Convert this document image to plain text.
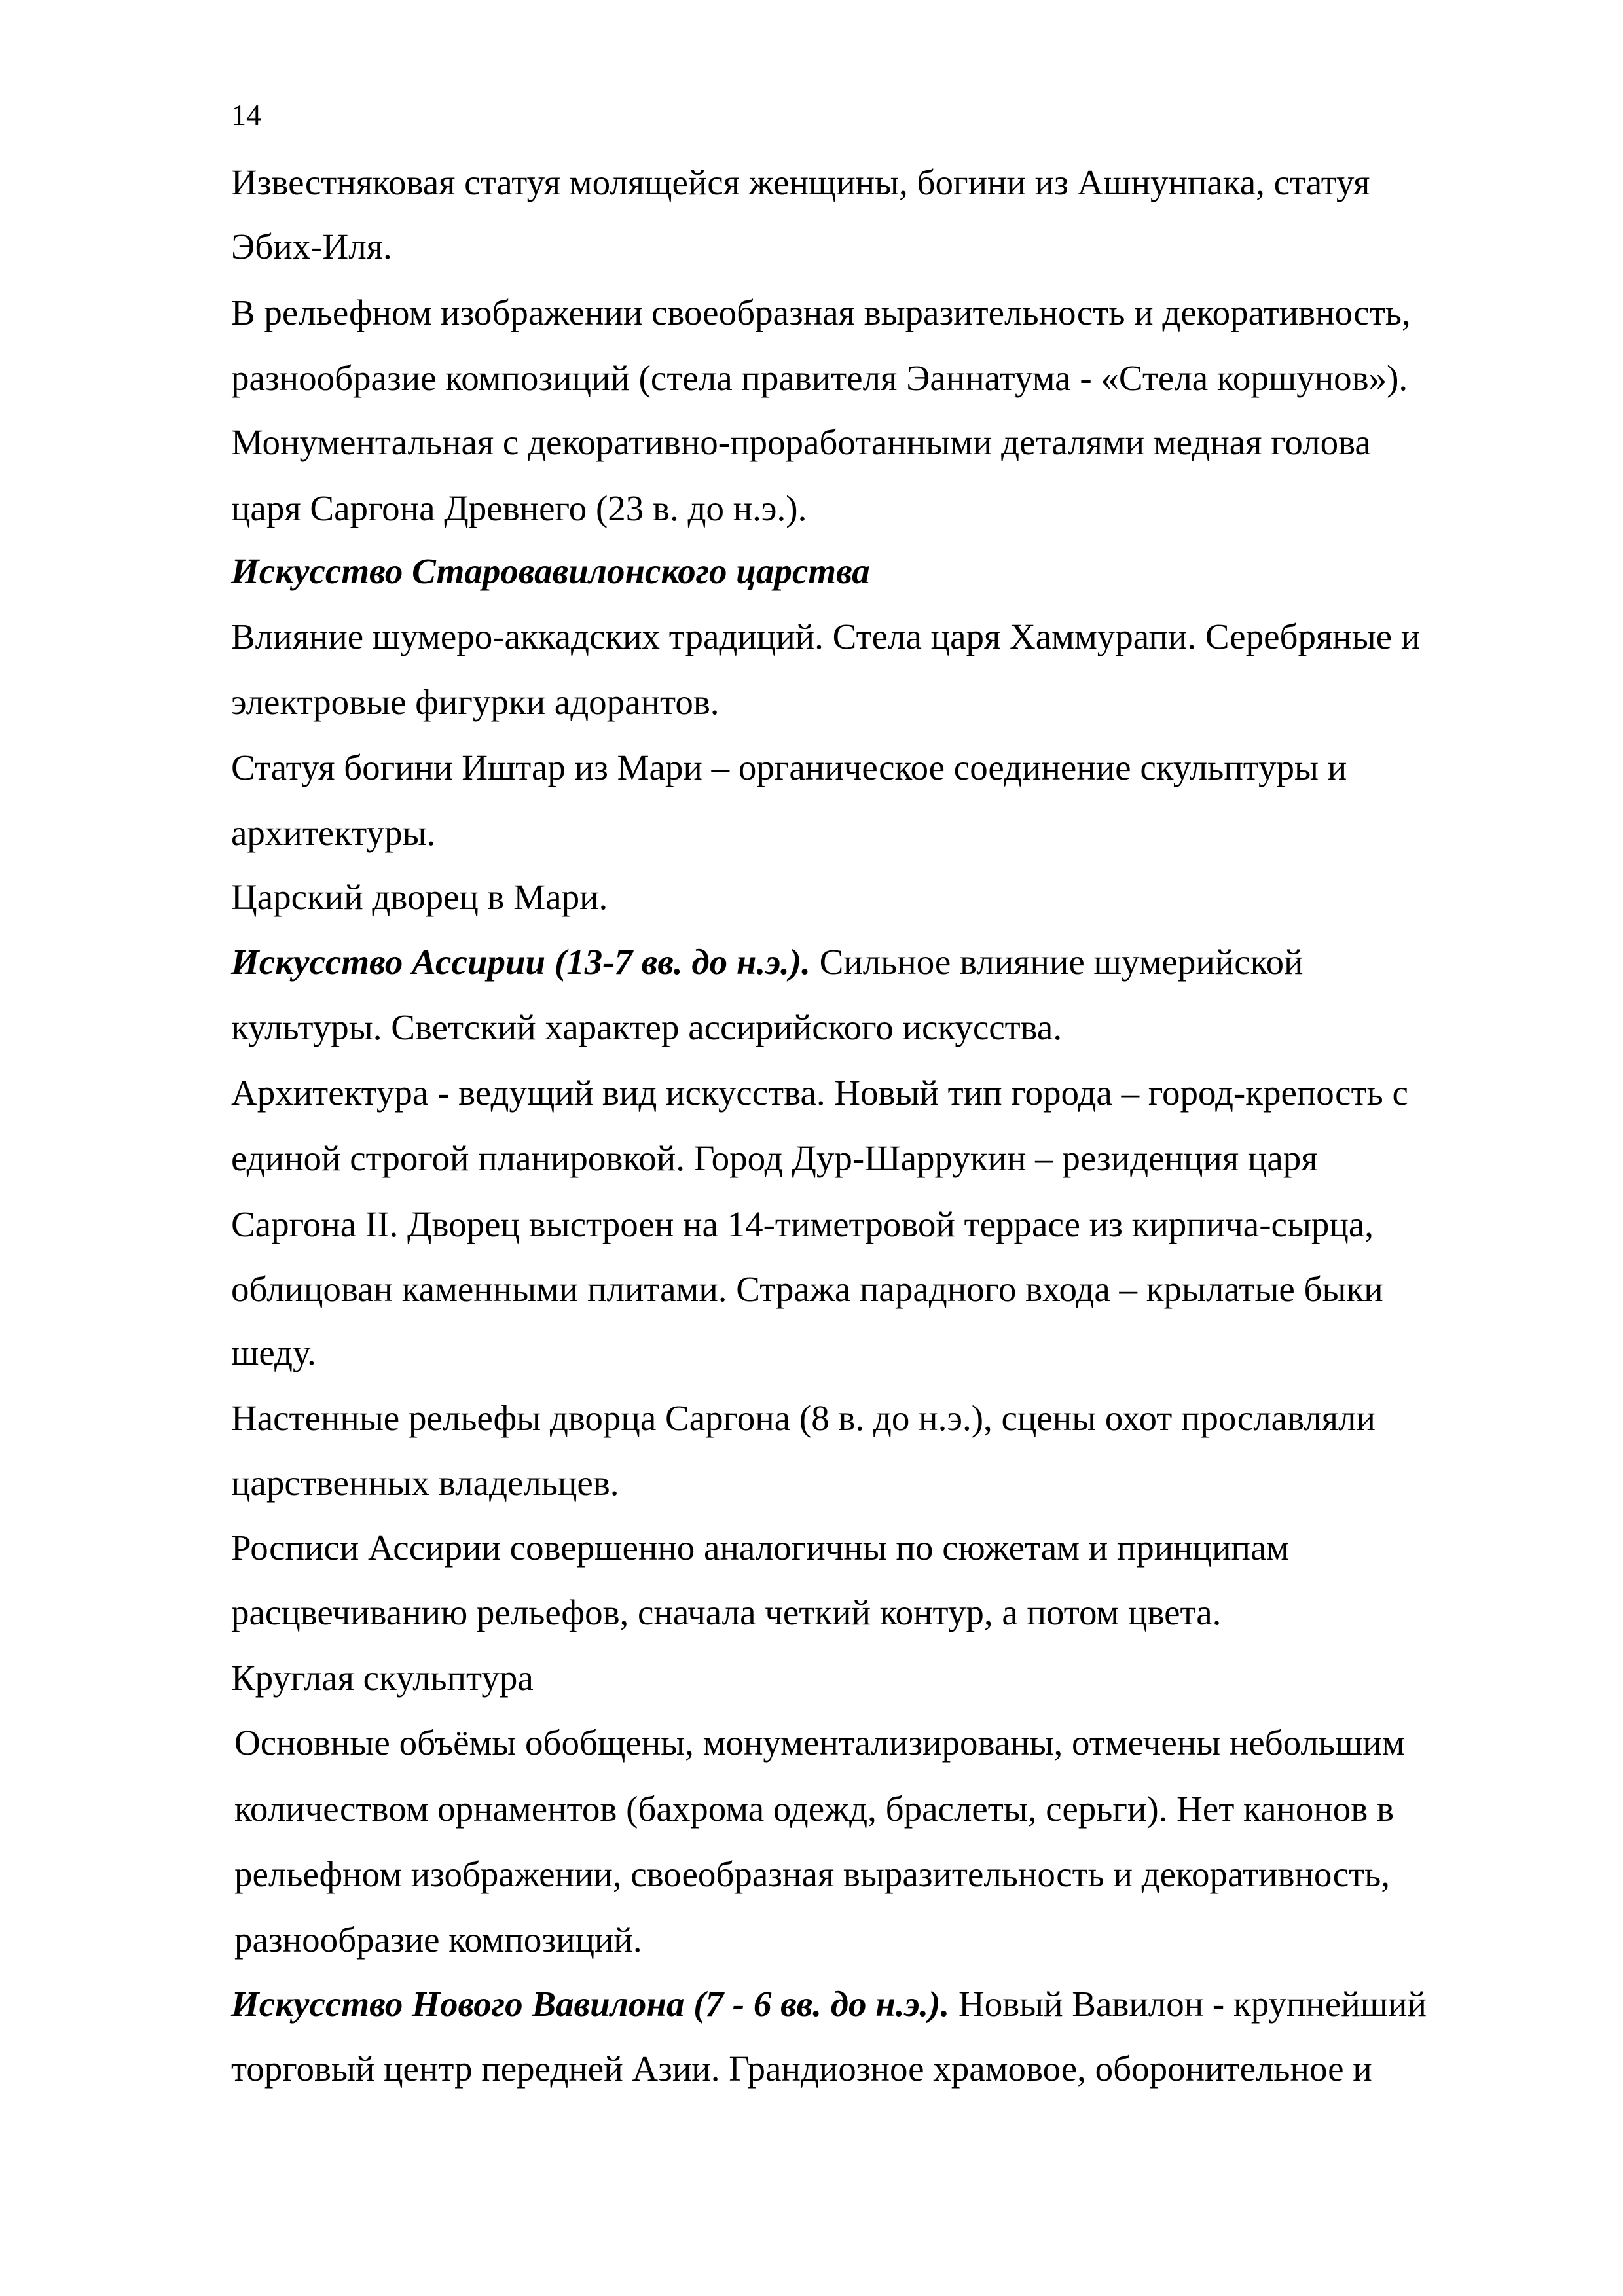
14
Известняковая статуя молящейся женщины, богини из Ашнунпака, статуя
Эбих-Иля.
В рельефном изображении своеобразная выразительность и декоративность,
разнообразие композиций (стела правителя Эаннатума - «Стела коршунов»).
Монументальная с декоративно-проработанными деталями медная голова
царя Саргона Древнего (23 в. до н.э.).
Искусство Старовавилонского царства
Влияние шумеро-аккадских традиций. Стела царя Хаммурапи. Серебряные и
электровые фигурки адорантов.
Статуя богини Иштар из Мари – органическое соединение скульптуры и
архитектуры.
Царский дворец в Мари.
Искусство Ассирии (13-7 вв. до н.э.). Сильное влияние шумерийской
культуры. Светский характер ассирийского искусства.
Архитектура - ведущий вид искусства. Новый тип города – город-крепость с
единой строгой планировкой. Город Дур-Шаррукин – резиденция царя
Саргона II. Дворец выстроен на 14-тиметровой террасе из кирпича-сырца,
облицован каменными плитами. Стража парадного входа – крылатые быки
шеду.
Настенные рельефы дворца Саргона (8 в. до н.э.), сцены охот прославляли
царственных владельцев.
Росписи Ассирии совершенно аналогичны по сюжетам и принципам
расцвечиванию рельефов, сначала четкий контур, а потом цвета.
Круглая скульптура
Основные объёмы обобщены, монументализированы, отмечены небольшим
количеством орнаментов (бахрома одежд, браслеты, серьги). Нет канонов в
рельефном изображении, своеобразная выразительность и декоративность,
разнообразие композиций.
Искусство Нового Вавилона (7 - 6 вв. до н.э.). Новый Вавилон - крупнейший
торговый центр передней Азии. Грандиозное храмовое, оборонительное и
